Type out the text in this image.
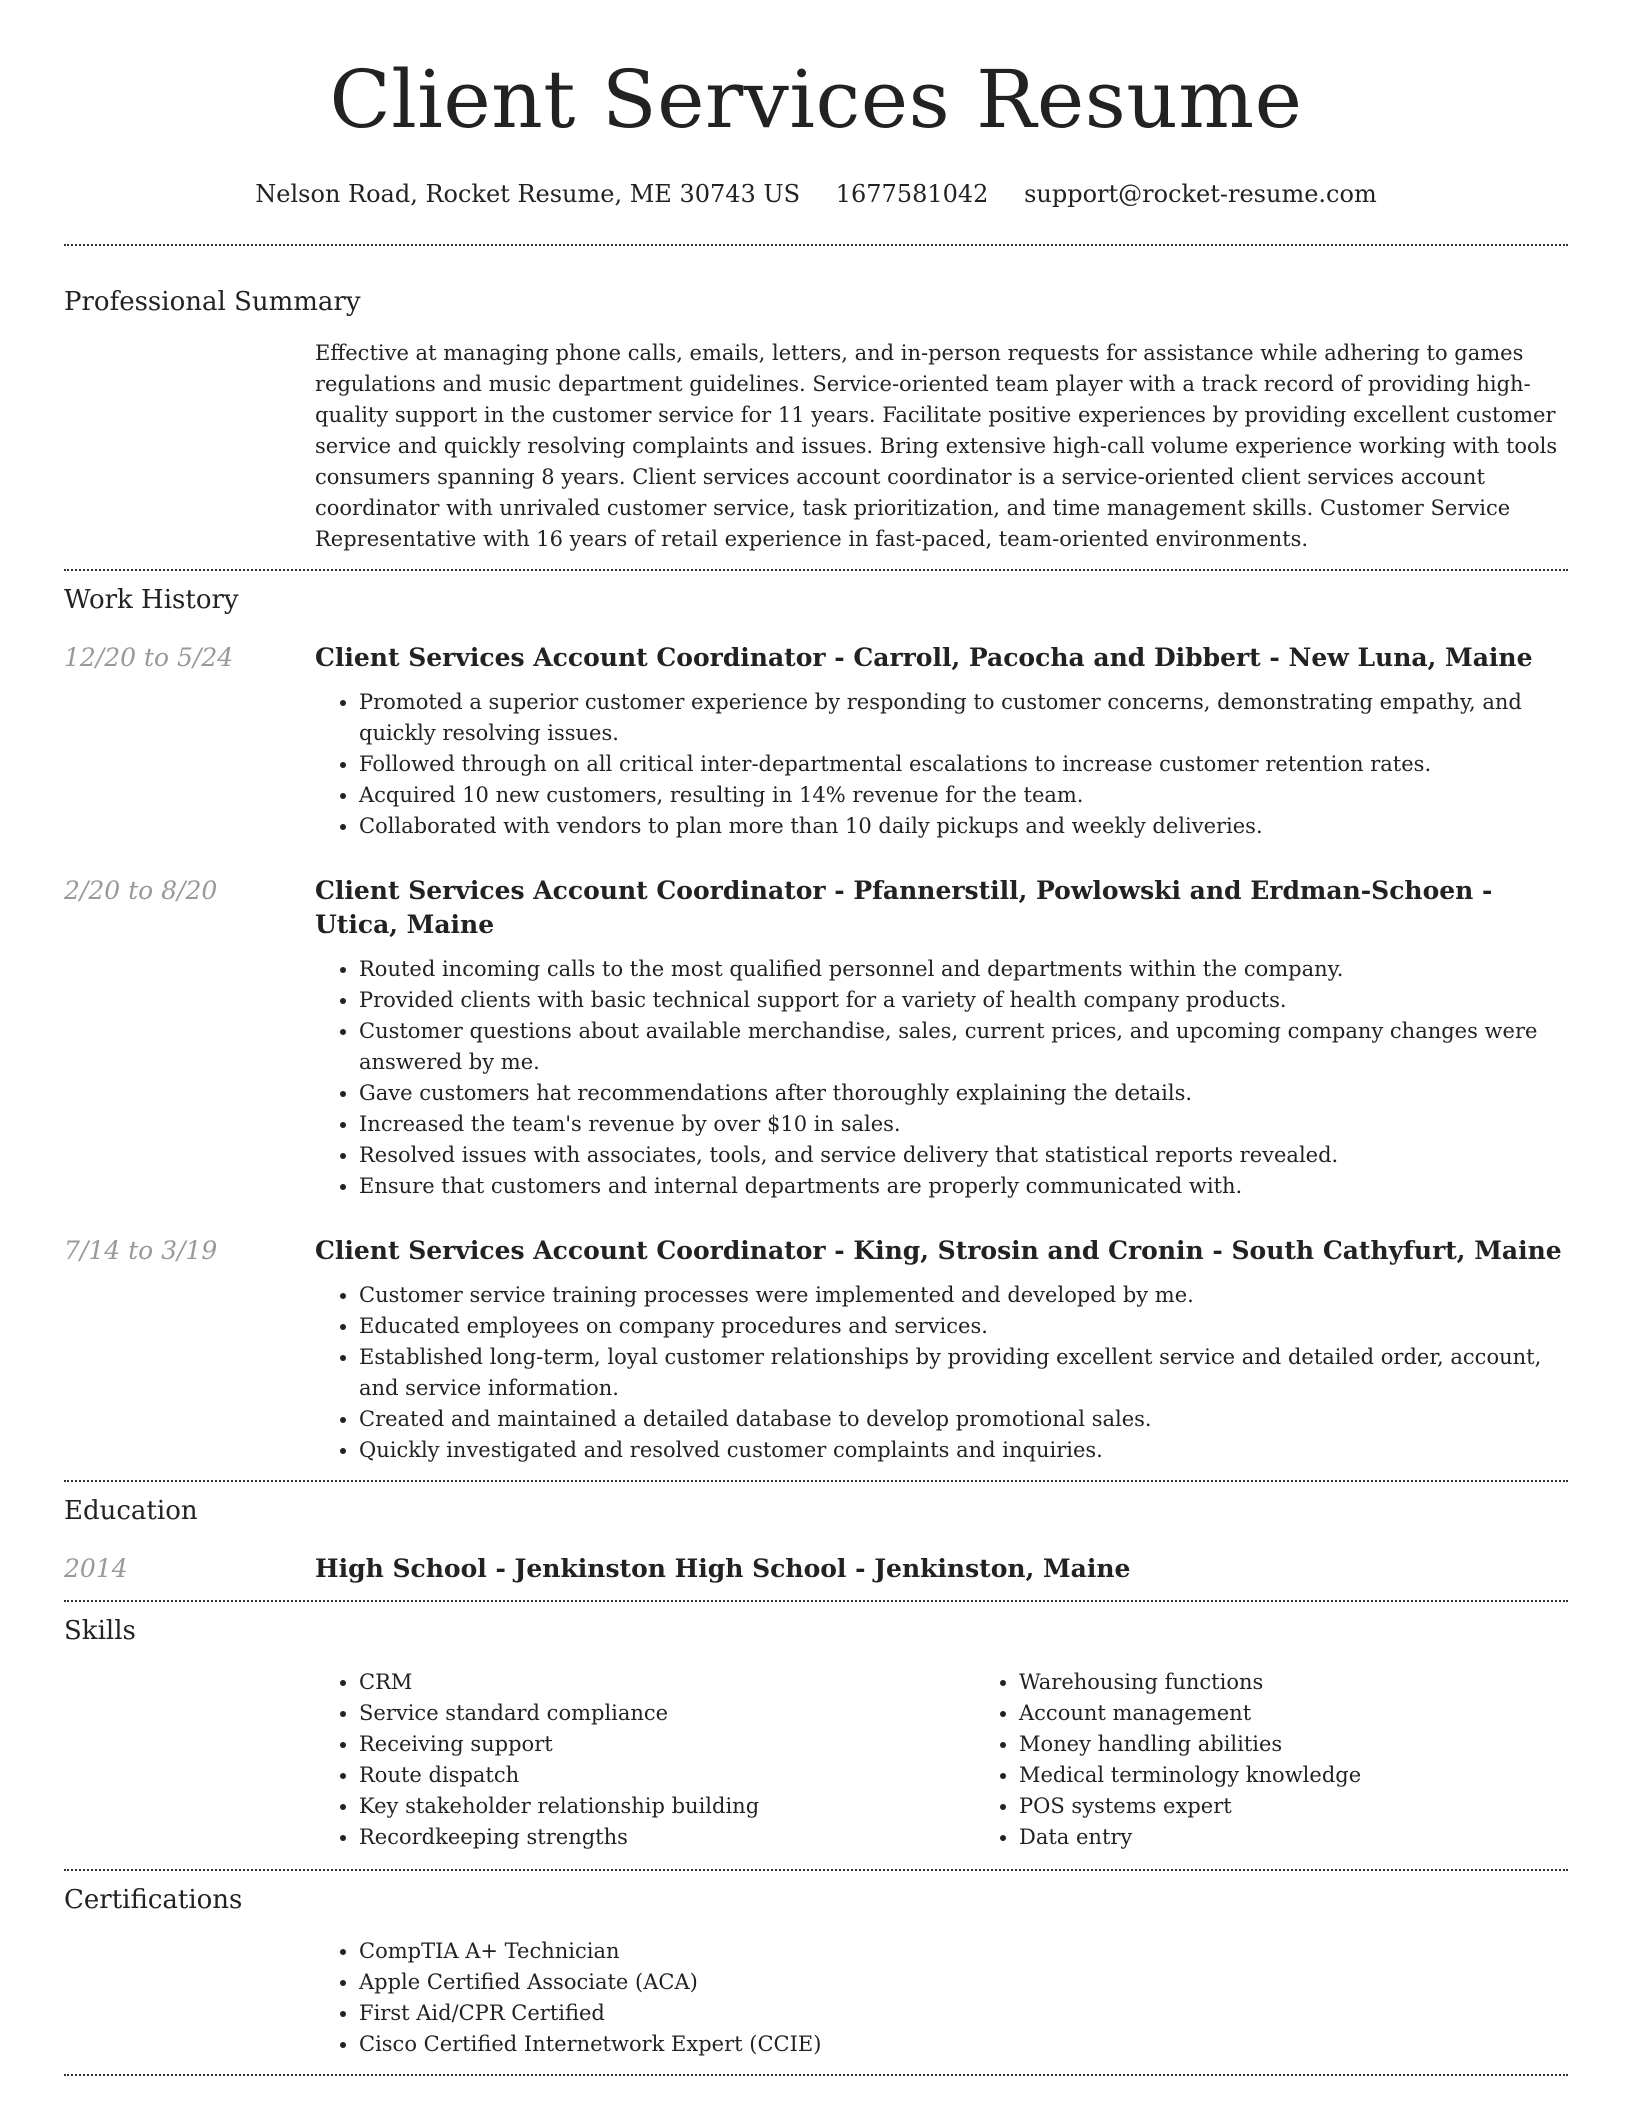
Client Services Resume
Nelson Road, Rocket Resume, ME 30743 US 1677581042 support@rocket-resume.com
Professional Summary
Effective at managing phone calls, emails, letters, and in-person requests for assistance while adhering to games regulations and music department guidelines. Service-oriented team player with a track record of providing high-quality support in the customer service for 11 years. Facilitate positive experiences by providing excellent customer service and quickly resolving complaints and issues. Bring extensive high-call volume experience working with tools consumers spanning 8 years. Client services account coordinator is a service-oriented client services account coordinator with unrivaled customer service, task prioritization, and time management skills. Customer Service Representative with 16 years of retail experience in fast-paced, team-oriented environments.
Work History
12/20 to 5/24	Client Services Account Coordinator - Carroll, Pacocha and Dibbert - New Luna, Maine
• Promoted a superior customer experience by responding to customer concerns, demonstrating empathy, and quickly resolving issues.
• Followed through on all critical inter-departmental escalations to increase customer retention rates.
• Acquired 10 new customers, resulting in 14% revenue for the team.
• Collaborated with vendors to plan more than 10 daily pickups and weekly deliveries.
2/20 to 8/20	Client Services Account Coordinator - Pfannerstill, Powlowski and Erdman-Schoen - Utica, Maine
• Routed incoming calls to the most qualified personnel and departments within the company.
• Provided clients with basic technical support for a variety of health company products.
• Customer questions about available merchandise, sales, current prices, and upcoming company changes were answered by me.
• Gave customers hat recommendations after thoroughly explaining the details.
• Increased the team's revenue by over $10 in sales.
• Resolved issues with associates, tools, and service delivery that statistical reports revealed.
• Ensure that customers and internal departments are properly communicated with.
7/14 to 3/19	Client Services Account Coordinator - King, Strosin and Cronin - South Cathyfurt, Maine
• Customer service training processes were implemented and developed by me.
• Educated employees on company procedures and services.
• Established long-term, loyal customer relationships by providing excellent service and detailed order, account, and service information.
• Created and maintained a detailed database to develop promotional sales.
• Quickly investigated and resolved customer complaints and inquiries.
Education
2014	High School - Jenkinston High School - Jenkinston, Maine
Skills
• CRM
• Service standard compliance
• Receiving support
• Route dispatch
• Key stakeholder relationship building
• Recordkeeping strengths
• Warehousing functions
• Account management
• Money handling abilities
• Medical terminology knowledge
• POS systems expert
• Data entry
Certifications
• CompTIA A+ Technician
• Apple Certified Associate (ACA)
• First Aid/CPR Certified
• Cisco Certified Internetwork Expert (CCIE)
